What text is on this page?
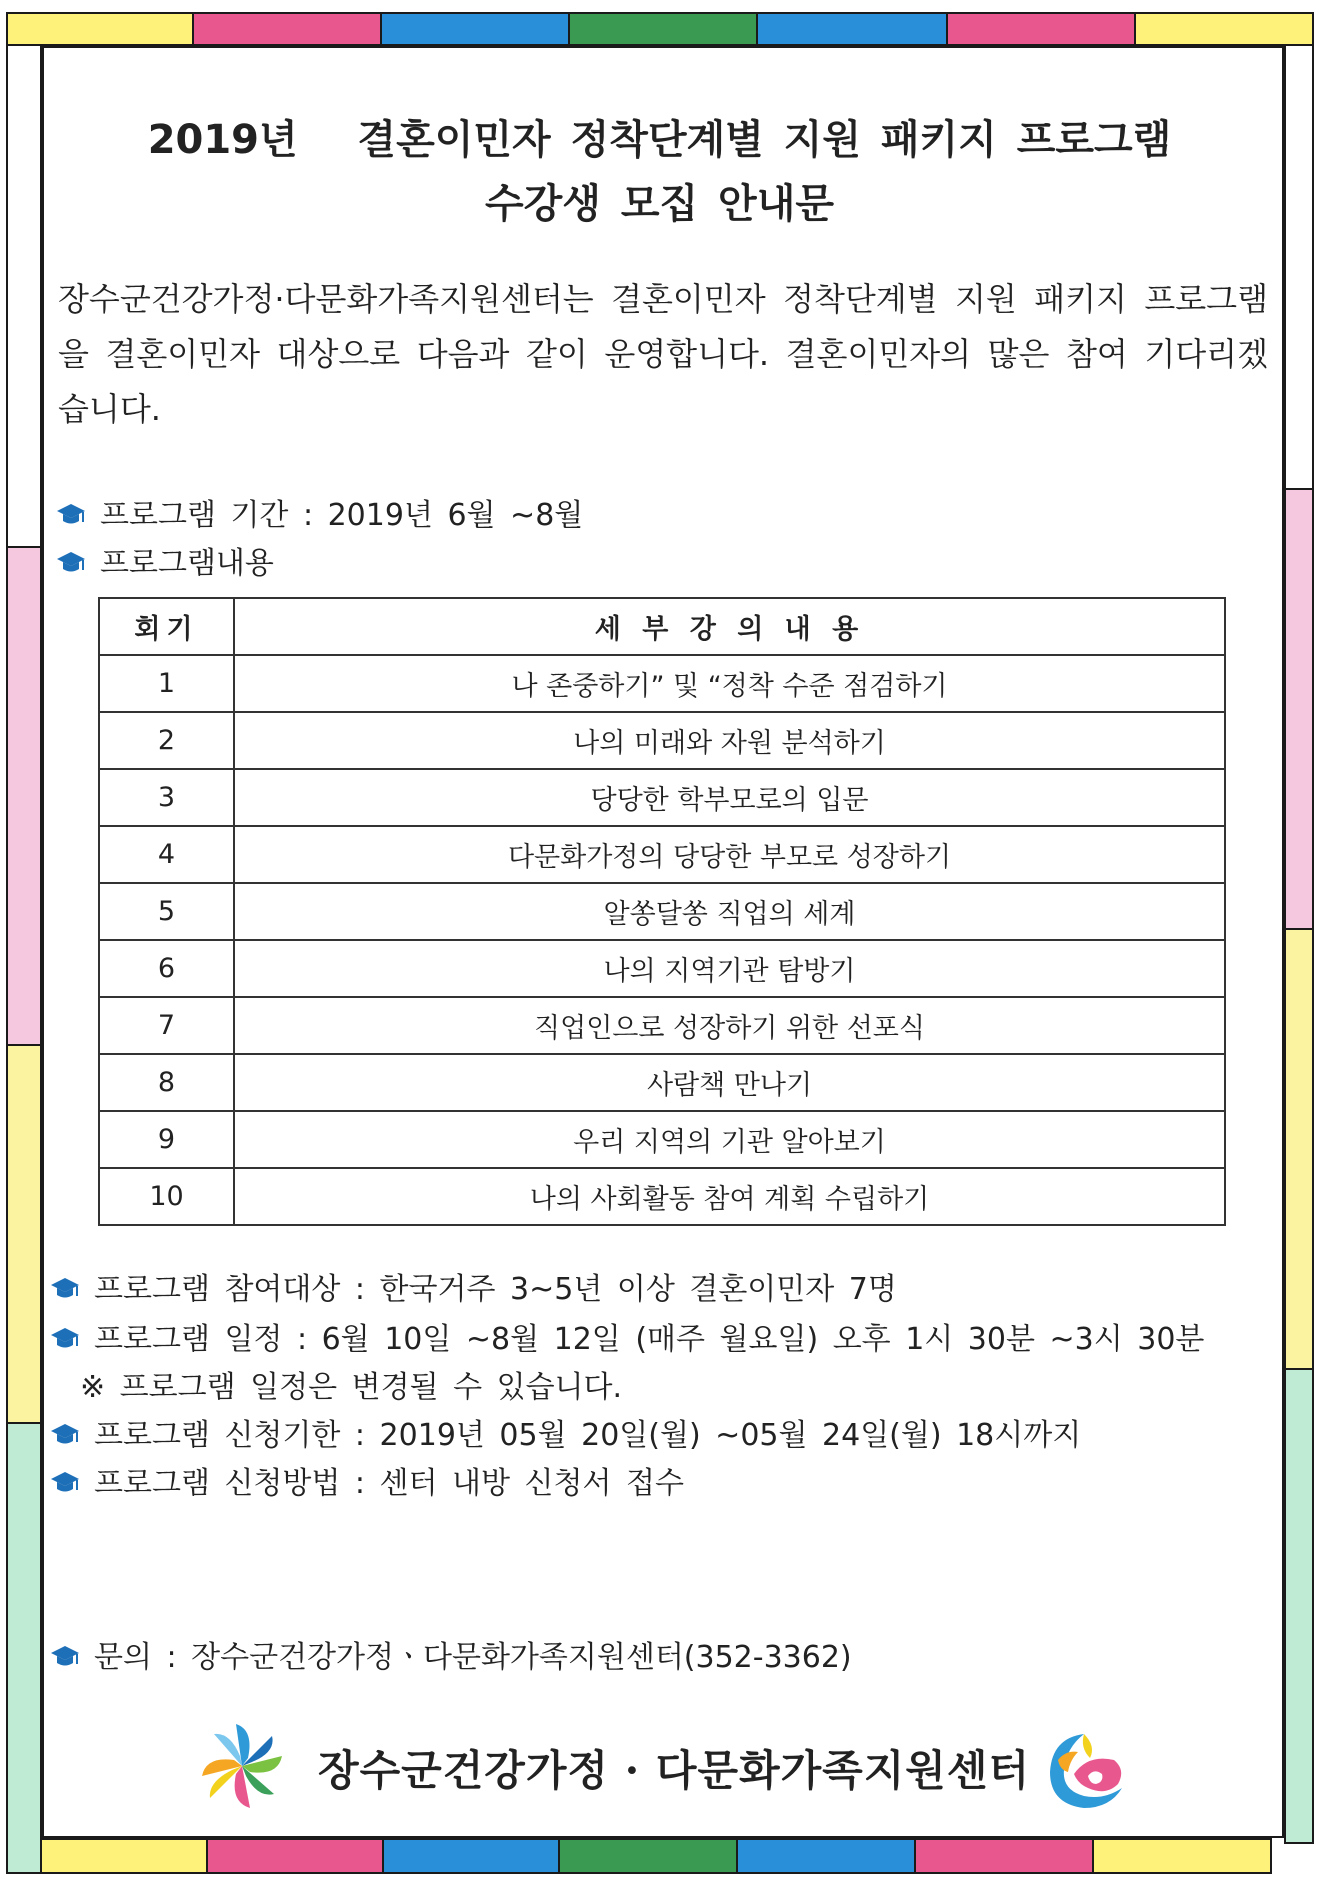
2019년   결혼이민자 정착단계별 지원 패키지 프로그램
수강생 모집 안내문
장수군건강가정·다문화가족지원센터는 결혼이민자 정착단계별 지원 패키지 프로그램을 결혼이민자 대상으로 다음과 같이 운영합니다. 결혼이민자의 많은 참여 기다리겠습니다.
프로그램 기간 : 2019년 6월 ~8월
프로그램내용
회기	세 부 강 의 내 용
1	나 존중하기” 및 “정착 수준 점검하기
2	나의 미래와 자원 분석하기
3	당당한 학부모로의 입문
4	다문화가정의 당당한 부모로 성장하기
5	알쏭달쏭 직업의 세계
6	나의 지역기관 탐방기
7	직업인으로 성장하기 위한 선포식
8	사람책 만나기
9	우리 지역의 기관 알아보기
10	나의 사회활동 참여 계획 수립하기
프로그램 참여대상 : 한국거주 3~5년 이상 결혼이민자 7명
프로그램 일정 : 6월 10일 ~8월 12일 (매주 월요일) 오후 1시 30분 ~3시 30분
※ 프로그램 일정은 변경될 수 있습니다.
프로그램 신청기한 : 2019년 05월 20일(월) ~05월 24일(월) 18시까지
프로그램 신청방법 : 센터 내방 신청서 접수
문의 : 장수군건강가정ㆍ다문화가족지원센터(352-3362)
장수군건강가정 · 다문화가족지원센터
